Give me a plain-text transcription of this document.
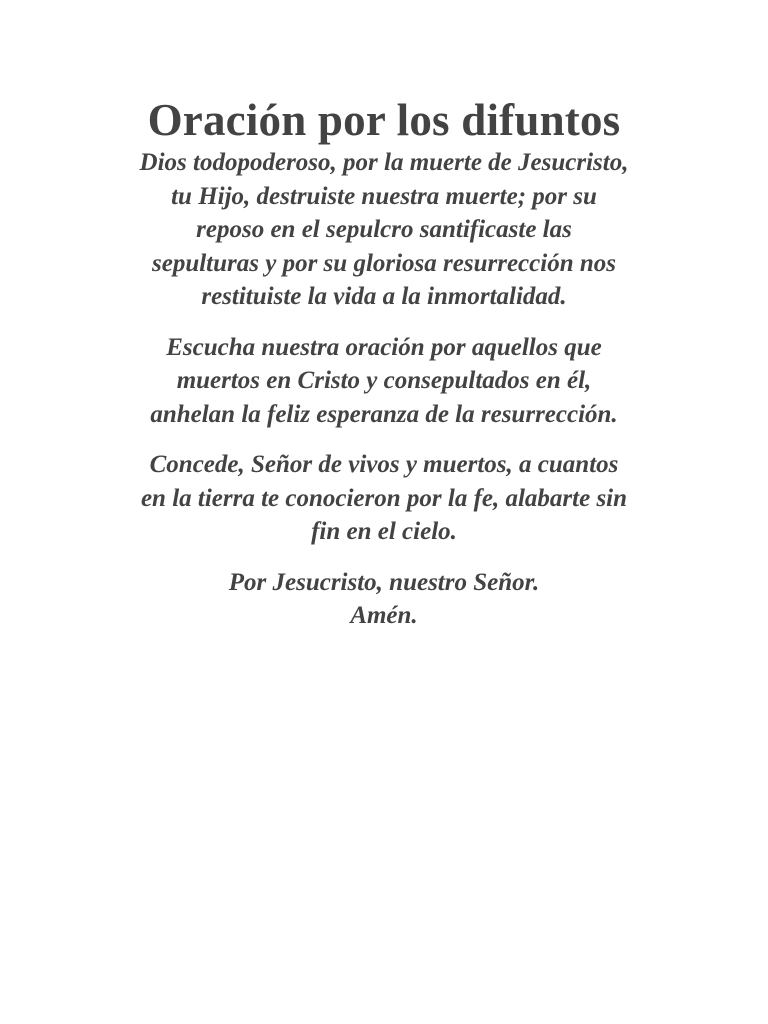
Oración por los difuntos

Dios todopoderoso, por la muerte de Jesucristo,
tu Hijo, destruiste nuestra muerte; por su
reposo en el sepulcro santificaste las
sepulturas y por su gloriosa resurrección nos
restituiste la vida a la inmortalidad.

Escucha nuestra oración por aquellos que
muertos en Cristo y consepultados en él,
anhelan la feliz esperanza de la resurrección.

Concede, Señor de vivos y muertos, a cuantos
en la tierra te conocieron por la fe, alabarte sin
fin en el cielo.

Por Jesucristo, nuestro Señor.
Amén.
